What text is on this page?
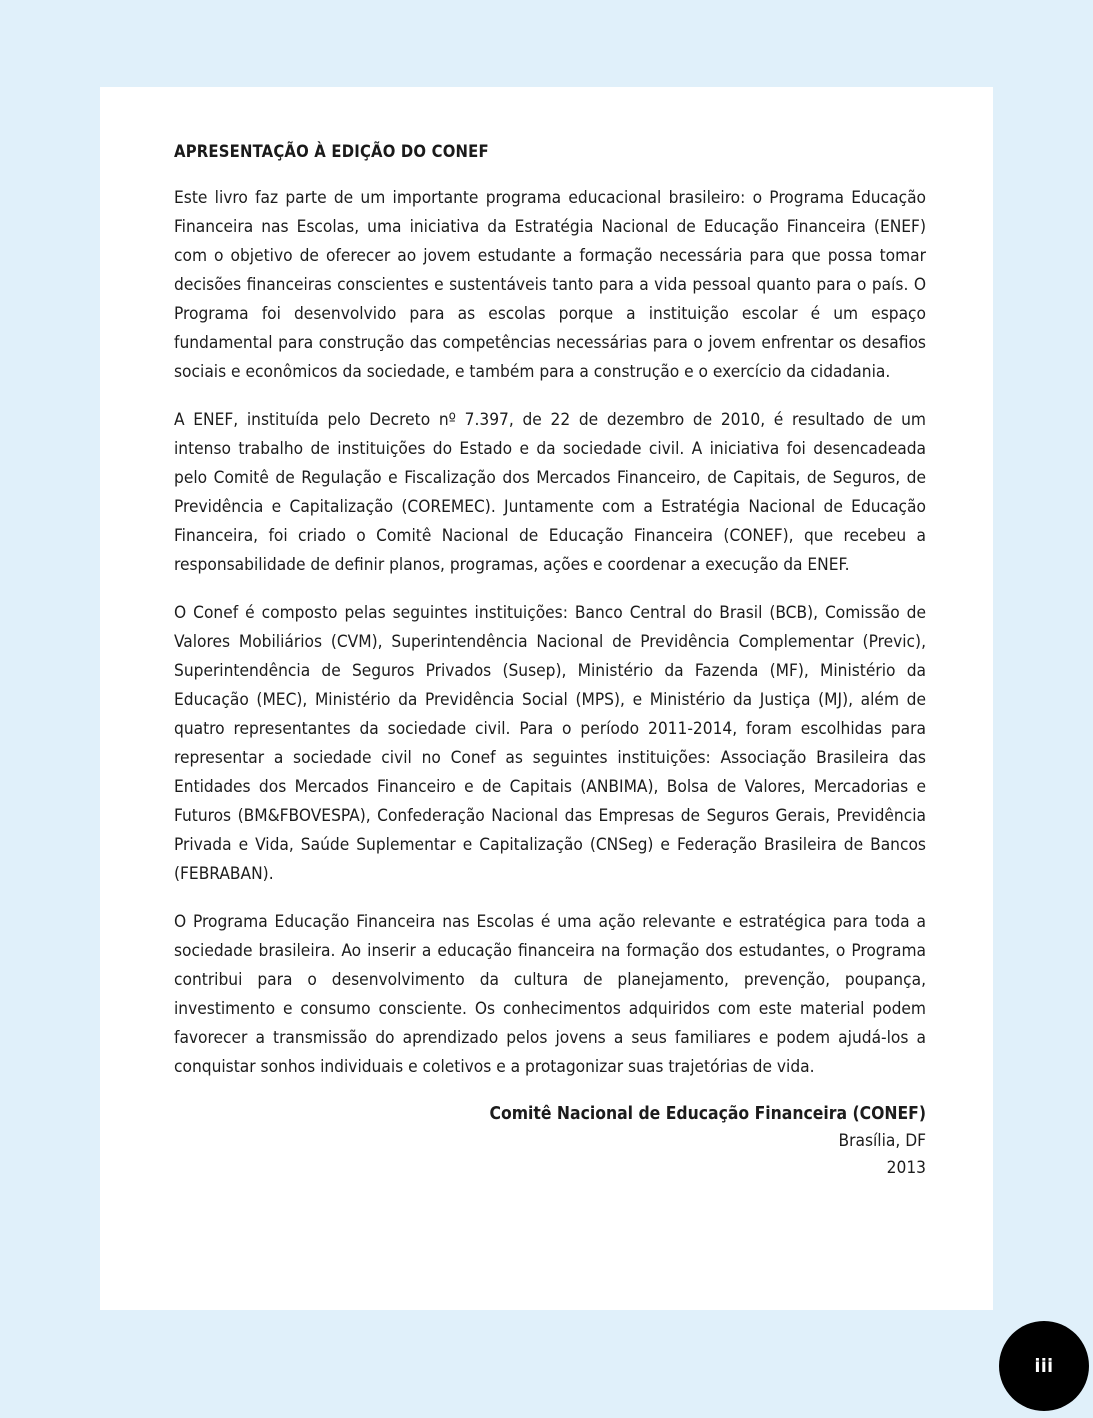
APRESENTAÇÃO À EDIÇÃO DO CONEF

Este livro faz parte de um importante programa educacional brasileiro: o Programa Educação Financeira nas Escolas, uma iniciativa da Estratégia Nacional de Educação Financeira (ENEF) com o objetivo de oferecer ao jovem estudante a formação necessária para que possa tomar decisões financeiras conscientes e sustentáveis tanto para a vida pessoal quanto para o país. O Programa foi desenvolvido para as escolas porque a instituição escolar é um espaço fundamental para construção das competências necessárias para o jovem enfrentar os desafios sociais e econômicos da sociedade, e também para a construção e o exercício da cidadania.

A ENEF, instituída pelo Decreto nº 7.397, de 22 de dezembro de 2010, é resultado de um intenso trabalho de instituições do Estado e da sociedade civil. A iniciativa foi desencadeada pelo Comitê de Regulação e Fiscalização dos Mercados Financeiro, de Capitais, de Seguros, de Previdência e Capitalização (COREMEC). Juntamente com a Estratégia Nacional de Educação Financeira, foi criado o Comitê Nacional de Educação Financeira (CONEF), que recebeu a responsabilidade de definir planos, programas, ações e coordenar a execução da ENEF.

O Conef é composto pelas seguintes instituições: Banco Central do Brasil (BCB), Comissão de Valores Mobiliários (CVM), Superintendência Nacional de Previdência Complementar (Previc), Superintendência de Seguros Privados (Susep), Ministério da Fazenda (MF), Ministério da Educação (MEC), Ministério da Previdência Social (MPS), e Ministério da Justiça (MJ), além de quatro representantes da sociedade civil. Para o período 2011-2014, foram escolhidas para representar a sociedade civil no Conef as seguintes instituições: Associação Brasileira das Entidades dos Mercados Financeiro e de Capitais (ANBIMA), Bolsa de Valores, Mercadorias e Futuros (BM&FBOVESPA), Confederação Nacional das Empresas de Seguros Gerais, Previdência Privada e Vida, Saúde Suplementar e Capitalização (CNSeg) e Federação Brasileira de Bancos (FEBRABAN).

O Programa Educação Financeira nas Escolas é uma ação relevante e estratégica para toda a sociedade brasileira. Ao inserir a educação financeira na formação dos estudantes, o Programa contribui para o desenvolvimento da cultura de planejamento, prevenção, poupança, investimento e consumo consciente. Os conhecimentos adquiridos com este material podem favorecer a transmissão do aprendizado pelos jovens a seus familiares e podem ajudá-los a conquistar sonhos individuais e coletivos e a protagonizar suas trajetórias de vida.

Comitê Nacional de Educação Financeira (CONEF)
Brasília, DF
2013
iii
